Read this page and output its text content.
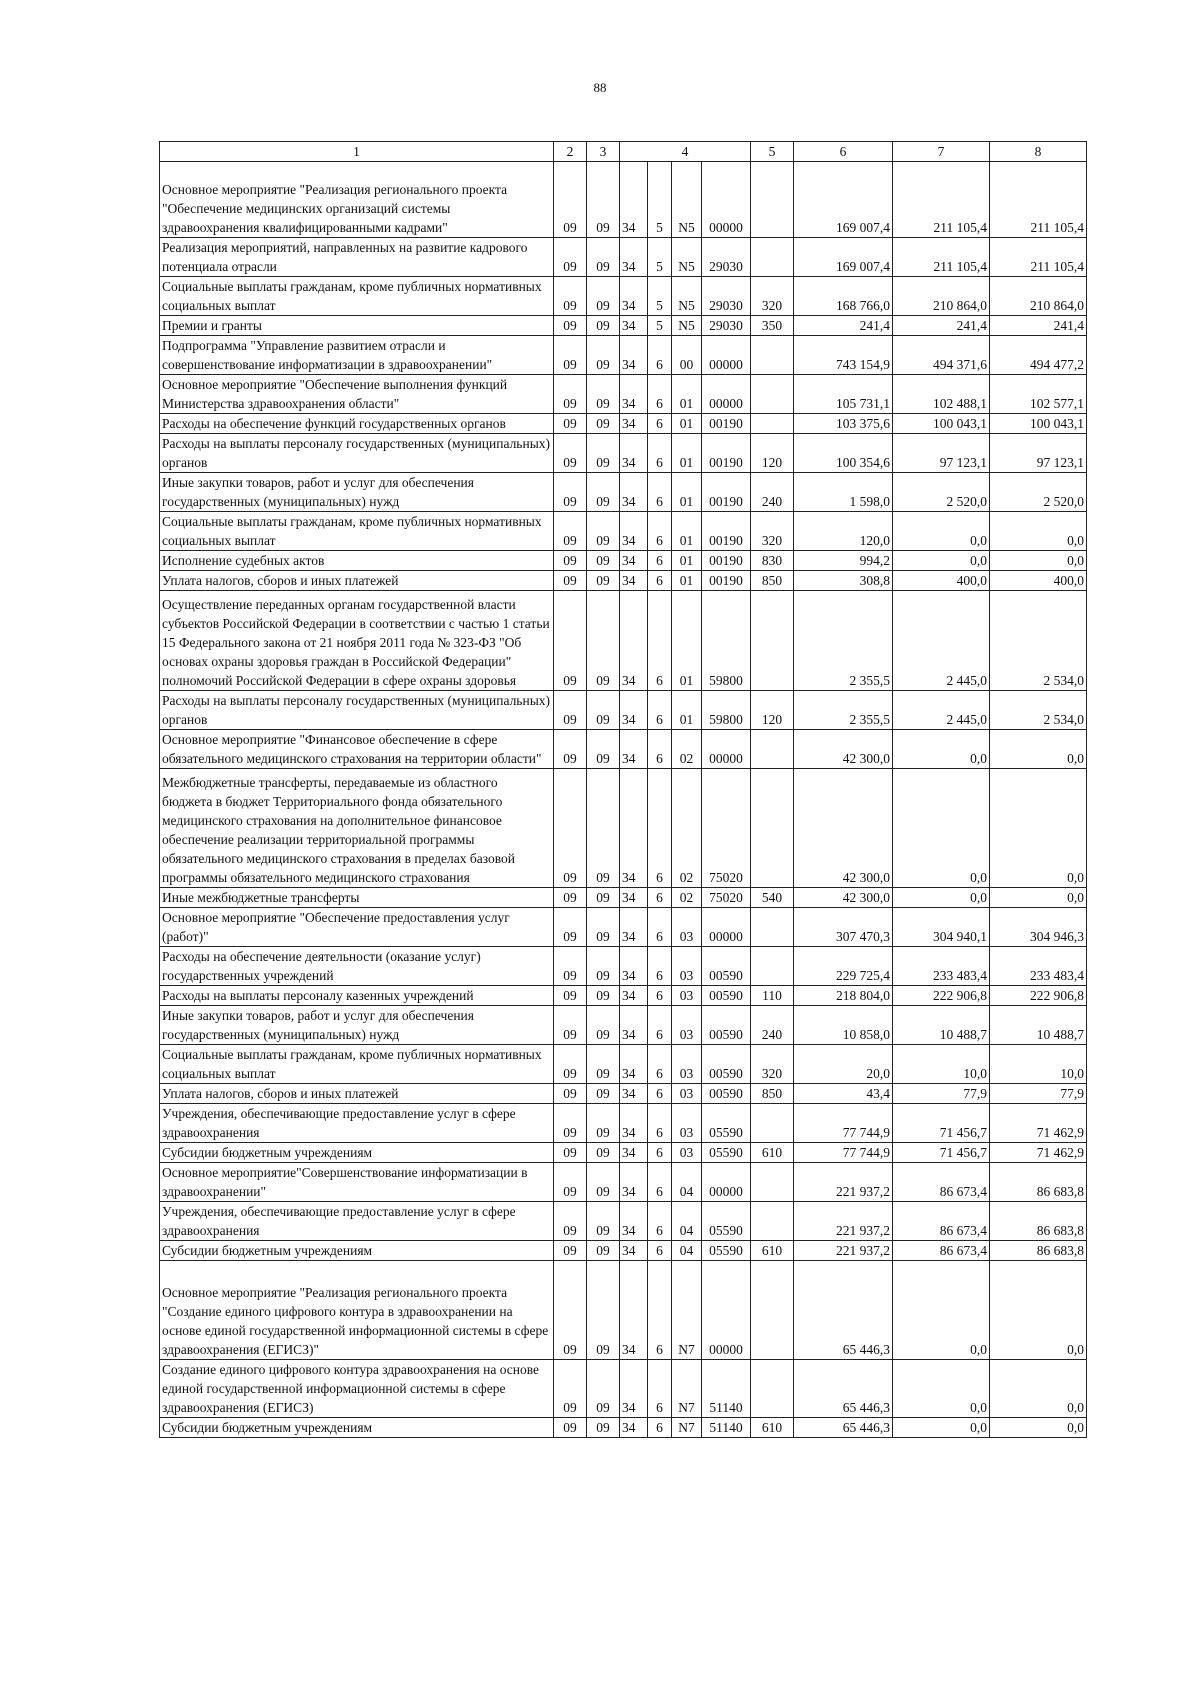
88
1	2	3	4				5	6	7	8
Основное мероприятие "Реализация регионального проекта "Обеспечение медицинских организаций системы здравоохранения квалифицированными кадрами"	09	09	34	5	N5	00000		169 007,4	211 105,4	211 105,4
Реализация мероприятий, направленных на развитие кадрового потенциала отрасли	09	09	34	5	N5	29030		169 007,4	211 105,4	211 105,4
Социальные выплаты гражданам, кроме публичных нормативных социальных выплат	09	09	34	5	N5	29030	320	168 766,0	210 864,0	210 864,0
Премии и гранты	09	09	34	5	N5	29030	350	241,4	241,4	241,4
Подпрограмма "Управление развитием отрасли и совершенствование информатизации в здравоохранении"	09	09	34	6	00	00000		743 154,9	494 371,6	494 477,2
Основное мероприятие "Обеспечение выполнения функций Министерства здравоохранения области"	09	09	34	6	01	00000		105 731,1	102 488,1	102 577,1
Расходы на обеспечение функций государственных органов	09	09	34	6	01	00190		103 375,6	100 043,1	100 043,1
Расходы на выплаты персоналу государственных (муниципальных) органов	09	09	34	6	01	00190	120	100 354,6	97 123,1	97 123,1
Иные закупки товаров, работ и услуг для обеспечения государственных (муниципальных) нужд	09	09	34	6	01	00190	240	1 598,0	2 520,0	2 520,0
Социальные выплаты гражданам, кроме публичных нормативных социальных выплат	09	09	34	6	01	00190	320	120,0	0,0	0,0
Исполнение судебных актов	09	09	34	6	01	00190	830	994,2	0,0	0,0
Уплата налогов, сборов и иных платежей	09	09	34	6	01	00190	850	308,8	400,0	400,0
Осуществление переданных органам государственной власти субъектов Российской Федерации в соответствии с частью 1 статьи 15 Федерального закона от 21 ноября 2011 года № 323-ФЗ "Об основах охраны здоровья граждан в Российской Федерации" полномочий Российской Федерации в сфере охраны здоровья	09	09	34	6	01	59800		2 355,5	2 445,0	2 534,0
Расходы на выплаты персоналу государственных (муниципальных) органов	09	09	34	6	01	59800	120	2 355,5	2 445,0	2 534,0
Основное мероприятие "Финансовое обеспечение в сфере обязательного медицинского страхования на территории области"	09	09	34	6	02	00000		42 300,0	0,0	0,0
Межбюджетные трансферты, передаваемые из областного бюджета в бюджет Территориального фонда обязательного медицинского страхования на дополнительное финансовое обеспечение реализации территориальной программы обязательного медицинского страхования в пределах базовой программы обязательного медицинского страхования	09	09	34	6	02	75020		42 300,0	0,0	0,0
Иные межбюджетные трансферты	09	09	34	6	02	75020	540	42 300,0	0,0	0,0
Основное мероприятие "Обеспечение предоставления услуг (работ)"	09	09	34	6	03	00000		307 470,3	304 940,1	304 946,3
Расходы на обеспечение деятельности (оказание услуг) государственных учреждений	09	09	34	6	03	00590		229 725,4	233 483,4	233 483,4
Расходы на выплаты персоналу казенных учреждений	09	09	34	6	03	00590	110	218 804,0	222 906,8	222 906,8
Иные закупки товаров, работ и услуг для обеспечения государственных (муниципальных) нужд	09	09	34	6	03	00590	240	10 858,0	10 488,7	10 488,7
Социальные выплаты гражданам, кроме публичных нормативных социальных выплат	09	09	34	6	03	00590	320	20,0	10,0	10,0
Уплата налогов, сборов и иных платежей	09	09	34	6	03	00590	850	43,4	77,9	77,9
Учреждения, обеспечивающие предоставление услуг в сфере здравоохранения	09	09	34	6	03	05590		77 744,9	71 456,7	71 462,9
Субсидии бюджетным учреждениям	09	09	34	6	03	05590	610	77 744,9	71 456,7	71 462,9
Основное мероприятие"Совершенствование информатизации в здравоохранении"	09	09	34	6	04	00000		221 937,2	86 673,4	86 683,8
Учреждения, обеспечивающие предоставление услуг в сфере здравоохранения	09	09	34	6	04	05590		221 937,2	86 673,4	86 683,8
Субсидии бюджетным учреждениям	09	09	34	6	04	05590	610	221 937,2	86 673,4	86 683,8
Основное мероприятие "Реализация регионального проекта "Создание единого цифрового контура в здравоохранении на основе единой государственной информационной системы в сфере здравоохранения (ЕГИСЗ)"	09	09	34	6	N7	00000		65 446,3	0,0	0,0
Создание единого цифрового контура здравоохранения на основе единой государственной информационной системы в сфере здравоохранения (ЕГИСЗ)	09	09	34	6	N7	51140		65 446,3	0,0	0,0
Субсидии бюджетным учреждениям	09	09	34	6	N7	51140	610	65 446,3	0,0	0,0
